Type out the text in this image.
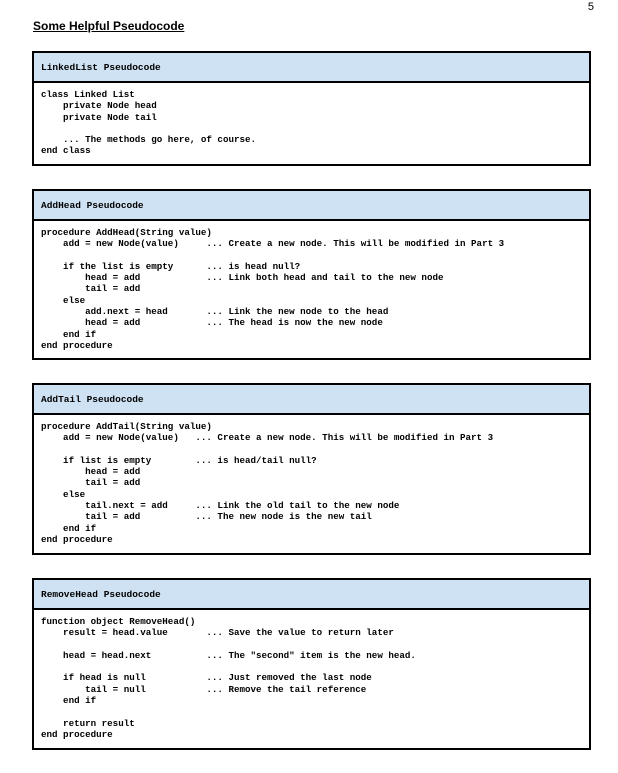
5
Some Helpful Pseudocode
LinkedList Pseudocode
class Linked List
private Node head
private Node tail

... The methods go here, of course.
end class
AddHead Pseudocode
procedure AddHead(String value)
add = new Node(value)     ... Create a new node. This will be modified in Part 3

if the list is empty      ... is head null?
head = add            ... Link both head and tail to the new node
tail = add
else
add.next = head       ... Link the new node to the head
head = add            ... The head is now the new node
end if
end procedure
AddTail Pseudocode
procedure AddTail(String value)
add = new Node(value)   ... Create a new node. This will be modified in Part 3

if list is empty        ... is head/tail null?
head = add
tail = add
else
tail.next = add     ... Link the old tail to the new node
tail = add          ... The new node is the new tail
end if
end procedure
RemoveHead Pseudocode
function object RemoveHead()
result = head.value       ... Save the value to return later

head = head.next          ... The "second" item is the new head.

if head is null           ... Just removed the last node
tail = null           ... Remove the tail reference
end if

return result
end procedure
